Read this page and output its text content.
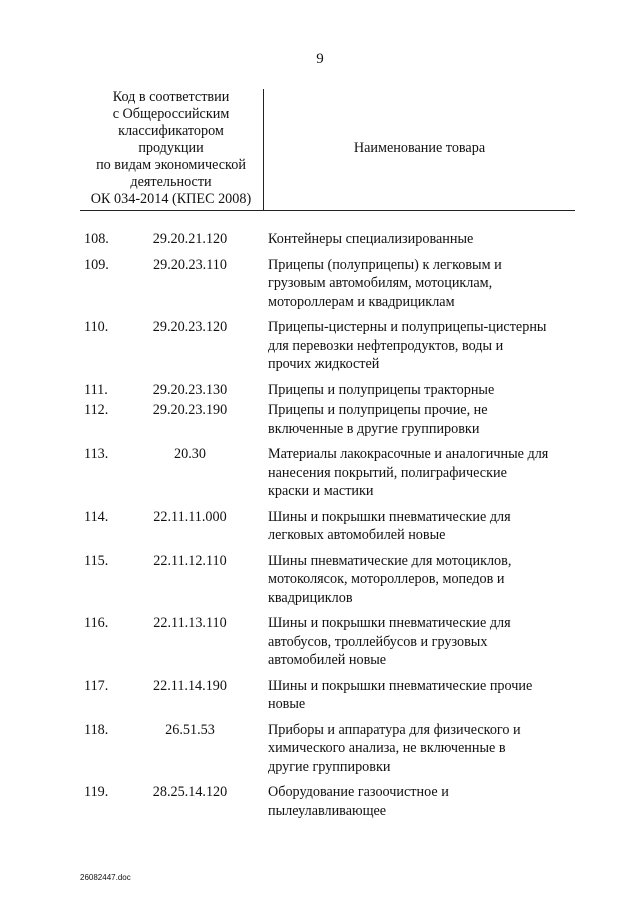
9
Код в соответствии
с Общероссийским
классификатором
продукции
по видам экономической
деятельности
ОК 034-2014 (КПЕС 2008)
Наименование товара
108.	29.20.21.120	Контейнеры специализированные
109.	29.20.23.110	Прицепы (полуприцепы) к легковым и
грузовым автомобилям, мотоциклам,
мотороллерам и квадрициклам
110.	29.20.23.120	Прицепы-цистерны и полуприцепы-цистерны
для перевозки нефтепродуктов, воды и
прочих жидкостей
111.	29.20.23.130	Прицепы и полуприцепы тракторные
112.	29.20.23.190	Прицепы и полуприцепы прочие, не
включенные в другие группировки
113.	20.30	Материалы лакокрасочные и аналогичные для
нанесения покрытий, полиграфические
краски и мастики
114.	22.11.11.000	Шины и покрышки пневматические для
легковых автомобилей новые
115.	22.11.12.110	Шины пневматические для мотоциклов,
мотоколясок, мотороллеров, мопедов и
квадрициклов
116.	22.11.13.110	Шины и покрышки пневматические для
автобусов, троллейбусов и грузовых
автомобилей новые
117.	22.11.14.190	Шины и покрышки пневматические прочие
новые
118.	26.51.53	Приборы и аппаратура для физического и
химического анализа, не включенные в
другие группировки
119.	28.25.14.120	Оборудование газоочистное и
пылеулавливающее
26082447.doc
